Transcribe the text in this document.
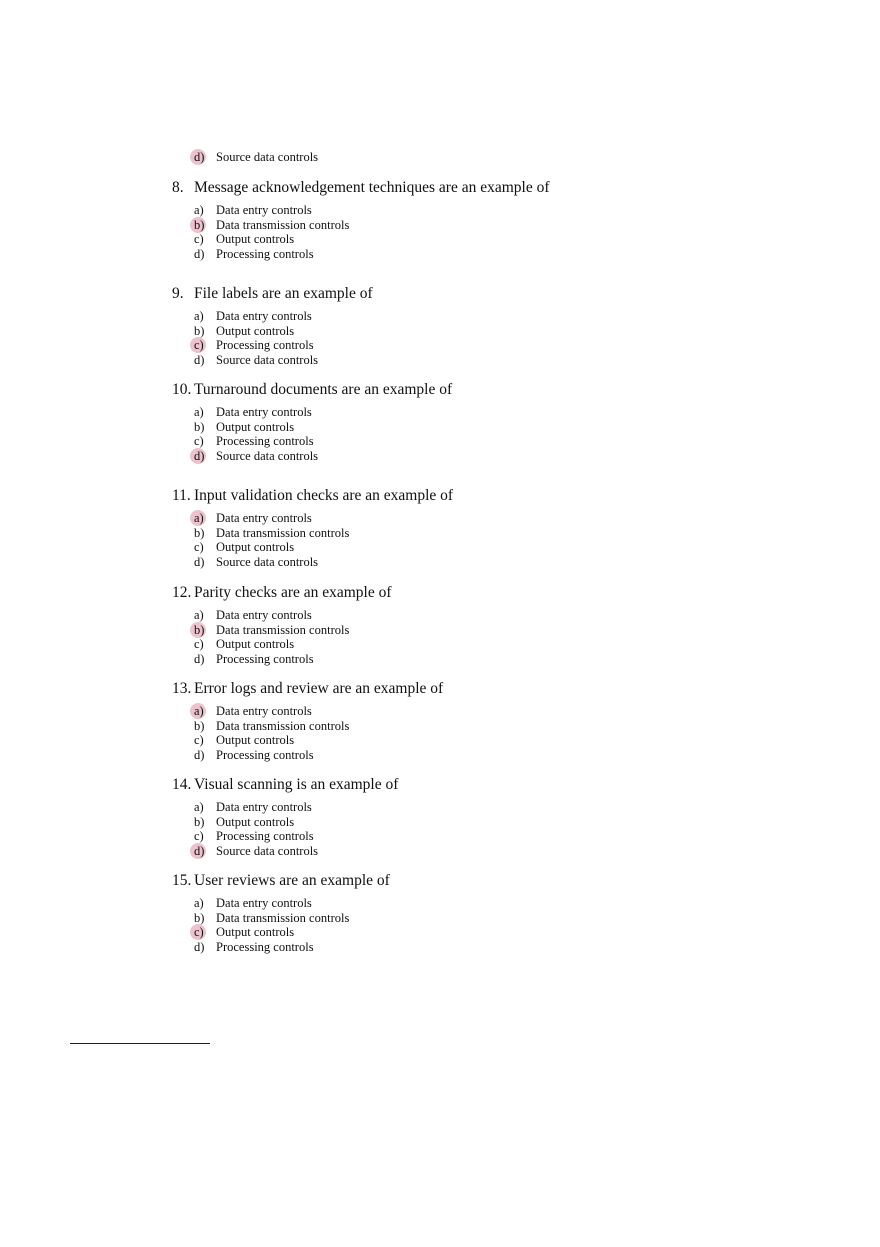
d) Source data controls
8. Message acknowledgement techniques are an example of
a) Data entry controls
b) Data transmission controls
c) Output controls
d) Processing controls
9. File labels are an example of
a) Data entry controls
b) Output controls
c) Processing controls
d) Source data controls
10. Turnaround documents are an example of
a) Data entry controls
b) Output controls
c) Processing controls
d) Source data controls
11. Input validation checks are an example of
a) Data entry controls
b) Data transmission controls
c) Output controls
d) Source data controls
12. Parity checks are an example of
a) Data entry controls
b) Data transmission controls
c) Output controls
d) Processing controls
13. Error logs and review are an example of
a) Data entry controls
b) Data transmission controls
c) Output controls
d) Processing controls
14. Visual scanning is an example of
a) Data entry controls
b) Output controls
c) Processing controls
d) Source data controls
15. User reviews are an example of
a) Data entry controls
b) Data transmission controls
c) Output controls
d) Processing controls
